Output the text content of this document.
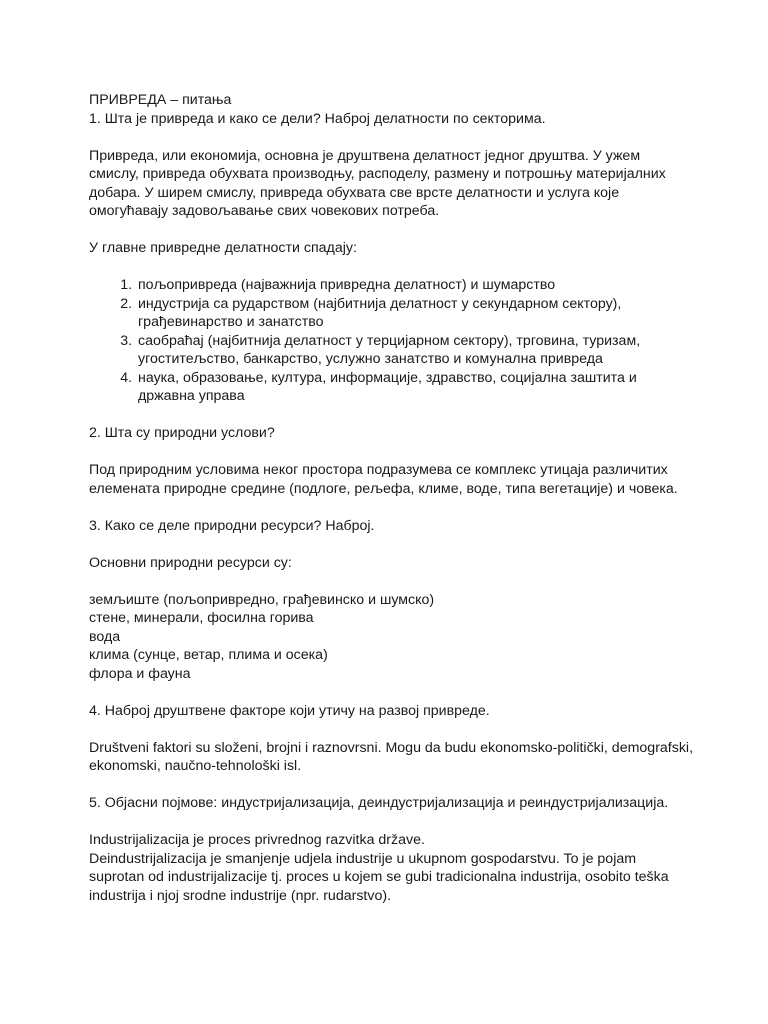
ПРИВРЕДА – питања

1. Шта је привреда и како се дели? Наброј делатности по секторима.

Привреда, или економија, основна је друштвена делатност једног друштва. У ужем
смислу, привреда обухвата производњу, расподелу, размену и потрошњу материјалних
добара. У ширем смислу, привреда обухвата све врсте делатности и услуга које
омогућавају задовољавање свих човекових потреба.

У главне привредне делатности спадају:

1. пољопривреда (најважнија привредна делатност) и шумарство
2. индустрија са рударством (најбитнија делатност у секундарном сектору),
грађевинарство и занатство
3. саобраћај (најбитнија делатност у терцијарном сектору), трговина, туризам,
угоститељство, банкарство, услужно занатство и комунална привреда
4. наука, образовање, култура, информације, здравство, социјална заштита и
државна управа

2. Шта су природни услови?

Под природним условима неког простора подразумева се комплекс утицаја различитих
елемената природне средине (подлоге, рељефа, климе, воде, типа вегетације) и човека.

3. Како се деле природни ресурси? Наброј.

Основни природни ресурси су:

земљиште (пољопривредно, грађевинско и шумско)
стене, минерали, фосилна горива
вода
клима (сунце, ветар, плима и осека)
флора и фауна

4. Наброј друштвене факторе који утичу на развој привреде.

Društveni faktori su složeni, brojni i raznovrsni. Mogu da budu ekonomsko-politički, demografski,
ekonomski, naučno-tehnološki isl.

5. Објасни појмове: индустријализација, деиндустријализација и реиндустријализација.

Industrijalizacija je proces privrednog razvitka države.
Deindustrijalizacija je smanjenje udjela industrije u ukupnom gospodarstvu. To je pojam
suprotan od industrijalizacije tj. proces u kojem se gubi tradicionalna industrija, osobito teška
industrija i njoj srodne industrije (npr. rudarstvo).
